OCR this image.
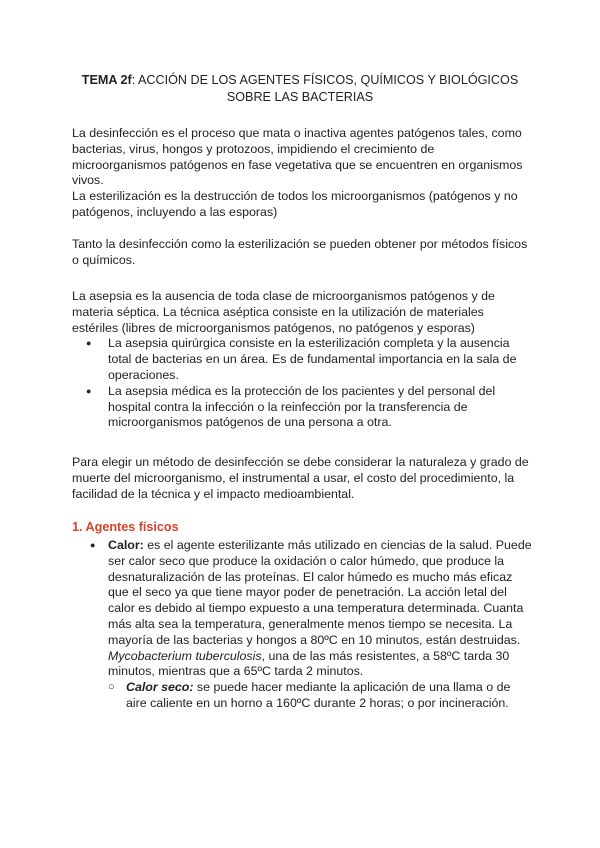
TEMA 2f: ACCIÓN DE LOS AGENTES FÍSICOS, QUÍMICOS Y BIOLÓGICOS SOBRE LAS BACTERIAS

La desinfección es el proceso que mata o inactiva agentes patógenos tales, como bacterias, virus, hongos y protozoos, impidiendo el crecimiento de microorganismos patógenos en fase vegetativa que se encuentren en organismos vivos.

La esterilización es la destrucción de todos los microorganismos (patógenos y no patógenos, incluyendo a las esporas)

Tanto la desinfección como la esterilización se pueden obtener por métodos físicos o químicos.

La asepsia es la ausencia de toda clase de microorganismos patógenos y de materia séptica. La técnica aséptica consiste en la utilización de materiales estériles (libres de microorganismos patógenos, no patógenos y esporas)
● La asepsia quirúrgica consiste en la esterilización completa y la ausencia total de bacterias en un área. Es de fundamental importancia en la sala de operaciones.
● La asepsia médica es la protección de los pacientes y del personal del hospital contra la infección o la reinfección por la transferencia de microorganismos patógenos de una persona a otra.

Para elegir un método de desinfección se debe considerar la naturaleza y grado de muerte del microorganismo, el instrumental a usar, el costo del procedimiento, la facilidad de la técnica y el impacto medioambiental.

1. Agentes físicos
● Calor: es el agente esterilizante más utilizado en ciencias de la salud. Puede ser calor seco que produce la oxidación o calor húmedo, que produce la desnaturalización de las proteínas. El calor húmedo es mucho más eficaz que el seco ya que tiene mayor poder de penetración. La acción letal del calor es debido al tiempo expuesto a una temperatura determinada. Cuanta más alta sea la temperatura, generalmente menos tiempo se necesita. La mayoría de las bacterias y hongos a 80ºC en 10 minutos, están destruidas. Mycobacterium tuberculosis, una de las más resistentes, a 58ºC tarda 30 minutos, mientras que a 65ºC tarda 2 minutos.
○ Calor seco: se puede hacer mediante la aplicación de una llama o de aire caliente en un horno a 160ºC durante 2 horas; o por incineración.
